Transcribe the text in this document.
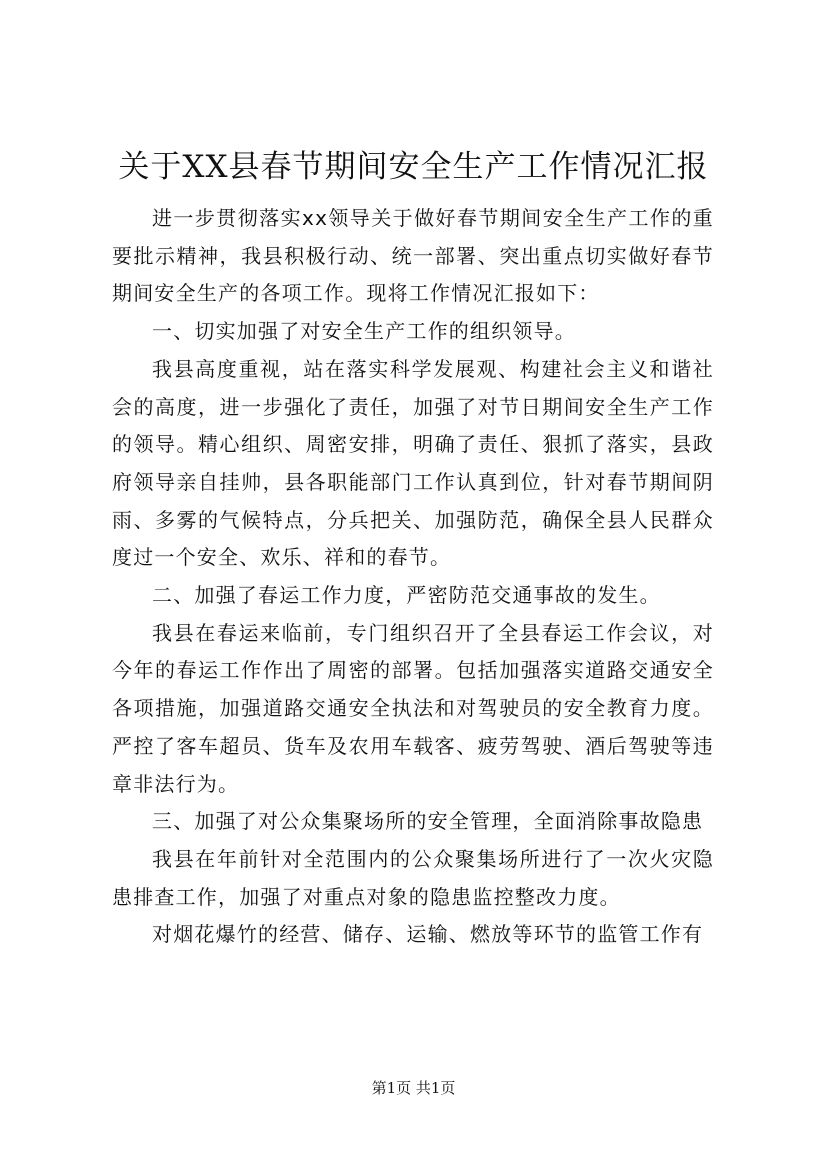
关于XX县春节期间安全生产工作情况汇报

进一步贯彻落实xx领导关于做好春节期间安全生产工作的重要批示精神，我县积极行动、统一部署、突出重点切实做好春节期间安全生产的各项工作。现将工作情况汇报如下：

一、切实加强了对安全生产工作的组织领导。

我县高度重视，站在落实科学发展观、构建社会主义和谐社会的高度，进一步强化了责任，加强了对节日期间安全生产工作的领导。精心组织、周密安排，明确了责任、狠抓了落实，县政府领导亲自挂帅，县各职能部门工作认真到位，针对春节期间阴雨、多雾的气候特点，分兵把关、加强防范，确保全县人民群众度过一个安全、欢乐、祥和的春节。

二、加强了春运工作力度，严密防范交通事故的发生。

我县在春运来临前，专门组织召开了全县春运工作会议，对今年的春运工作作出了周密的部署。包括加强落实道路交通安全各项措施，加强道路交通安全执法和对驾驶员的安全教育力度。严控了客车超员、货车及农用车载客、疲劳驾驶、酒后驾驶等违章非法行为。

三、加强了对公众集聚场所的安全管理，全面消除事故隐患

我县在年前针对全范围内的公众聚集场所进行了一次火灾隐患排查工作，加强了对重点对象的隐患监控整改力度。

对烟花爆竹的经营、储存、运输、燃放等环节的监管工作有

第1页 共1页
